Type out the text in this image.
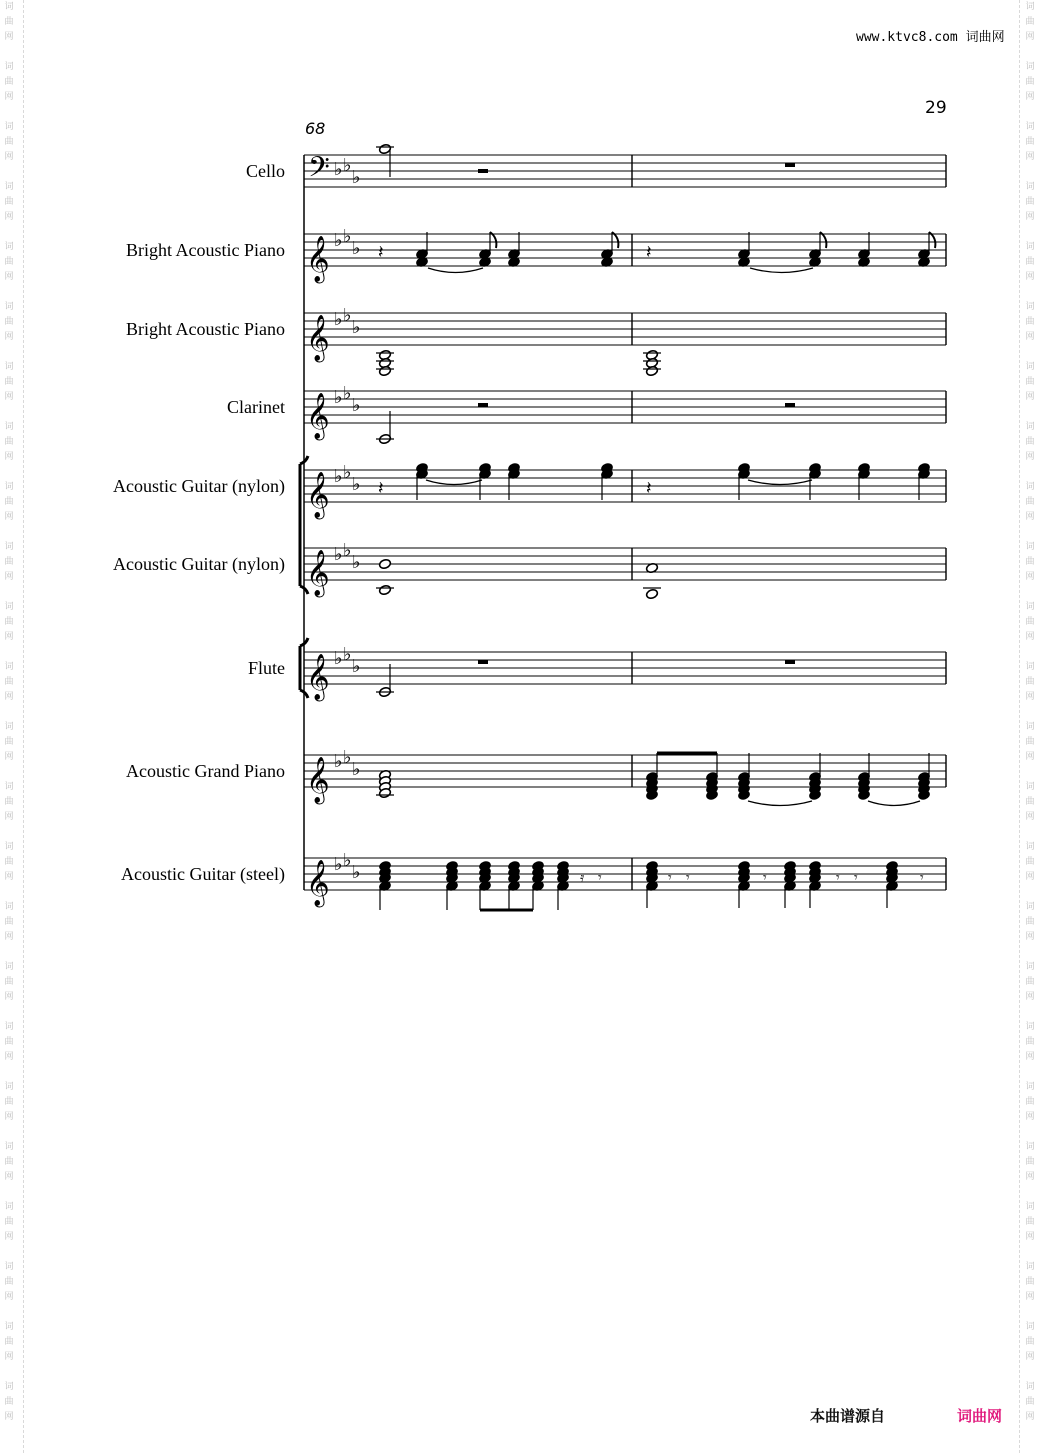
词
曲
网
词
曲
网
词
曲
网
词
曲
网
词
曲
网
词
曲
网
词
曲
网
词
曲
网
词
曲
网
词
曲
网
词
曲
网
词
曲
网
词
曲
网
词
曲
网
词
曲
网
词
曲
网
词
曲
网
词
曲
网
词
曲
网
词
曲
网
词
曲
网
词
曲
网
词
曲
网
词
曲
网
词
曲
网
词
曲
网
词
曲
网
词
曲
网
词
曲
网
词
曲
网
词
曲
网
词
曲
网
词
曲
网
词
曲
网
词
曲
网
词
曲
网
词
曲
网
词
曲
网
词
曲
网
词
曲
网
词
曲
网
词
曲
网
词
曲
网
词
曲
网
词
曲
网
词
曲
网
词
曲
网
词
曲
网
www.ktvc8.com 词曲网
29
68
Cello
Bright Acoustic Piano
Bright Acoustic Piano
Clarinet
Acoustic Guitar (nylon)
Acoustic Guitar (nylon)
Flute
Acoustic Grand Piano
Acoustic Guitar (steel)
𝄢 ♭ ♭
♭
𝄞 ♭ ♭
♭
𝄞 ♭ ♭
♭
𝄞 ♭ ♭
♭
𝄞 ♭ ♭
♭
𝄞 ♭ ♭
♭
𝄞 ♭ ♭
♭
𝄞 ♭ ♭
♭
𝄞 ♭ ♭
♭
𝄽	𝄽
𝄽	𝄽
𝄿 𝄾	𝄾 𝄾	𝄾	𝄾 𝄾	𝄾
本曲谱源自	词曲网
